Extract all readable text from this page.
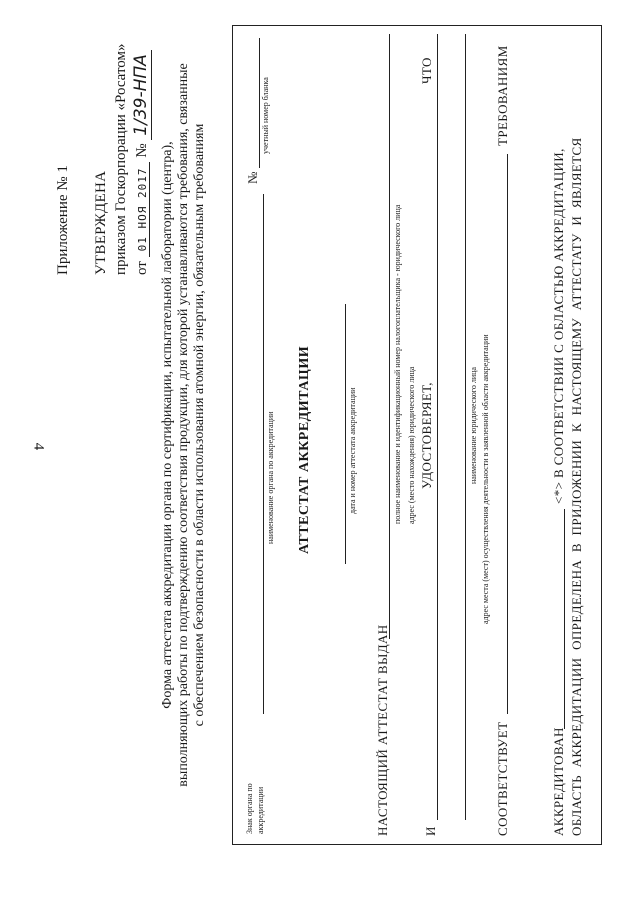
4
Приложение № 1 УТВЕРЖДЕНА приказом Госкорпорации «Росатом» от 01 НОЯ 2017 № 1/39-НПА
Форма аттестата аккредитации органа по сертификации, испытательной лаборатории (центра), выполняющих работы по подтверждению соответствия продукции, для которой устанавливаются требования, связанные с обеспечением безопасности в области использования атомной энергии, обязательным требованиям
Знак органа по аккредитации
наименование органа по аккредитации
№
учетный номер бланка
АТТЕСТАТ АККРЕДИТАЦИИ	дата и номер аттестата аккредитации
НАСТОЯЩИЙ АТТЕСТАТ ВЫДАН
полное наименование и идентификационный номер налогоплательщика - юридического лица
И
адрес (место нахождения) юридического лица УДОСТОВЕРЯЕТ,
ЧТО
наименование юридического лица
СООТВЕТСТВУЕТ
адрес места (мест) осуществления деятельности в заявленной области аккредитации
ТРЕБОВАНИЯМ
АККРЕДИТОВАН
<*> В СООТВЕТСТВИИ С ОБЛАСТЬЮ АККРЕДИТАЦИИ, ОБЛАСТЬ АККРЕДИТАЦИИ ОПРЕДЕЛЕНА В ПРИЛОЖЕНИИ К НАСТОЯЩЕМУ АТТЕСТАТУ И ЯВЛЯЕТСЯ
